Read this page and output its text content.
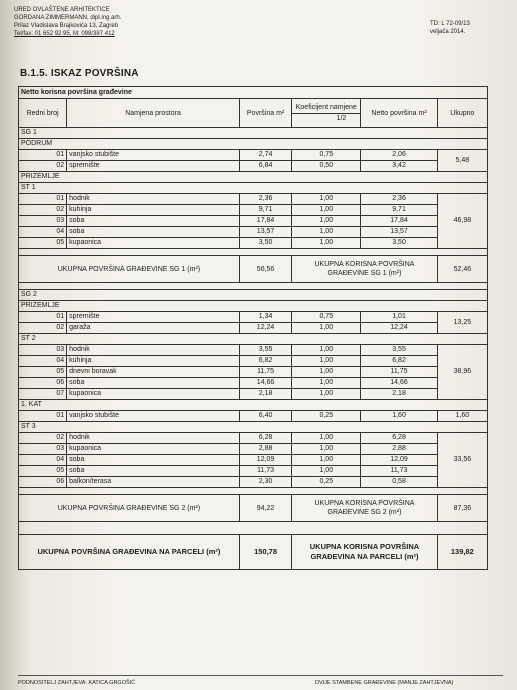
URED OVLAŠTENE ARHITEKTICE
GORDANA ZIMMERMANN, dipl.ing.arh.
Prilaz Vladislava Brajkovića 13, Zagreb
Tel/fax: 01 652 92 95, M: 098/387 412
TD: L 72-09/13
veljača 2014.
B.1.5. ISKAZ POVRŠINA
Netto korisna površina građevine					
Redni broj	Namjena prostora	Površina m²	Koeficijent namjene
1/2	Netto površina m²	Ukupno
SG 1					
PODRUM					
01	vanjsko stubište	2,74	0,75	2,06	5,48
02	spremište	6,84	0,50	3,42	
PRIZEMLJE					
ST 1					
01	hodnik	2,36	1,00	2,36	46,98
02	kuhinja	9,71	1,00	9,71	
03	soba	17,84	1,00	17,84	
04	soba	13,57	1,00	13,57	
05	kupaonica	3,50	1,00	3,50	

UKUPNA POVRŠINA GRAĐEVINE SG 1 (m²)		56,56	UKUPNA KORISNA POVRŠINA GRAĐEVINE SG 1 (m²)		52,46

SG 2					
PRIZEMLJE					
01	spremište	1,34	0,75	1,01	13,25
02	garaža	12,24	1,00	12,24	
ST 2					
03	hodnik	3,55	1,00	3,55	38,96
04	kuhinja	6,82	1,00	6,82	
05	dnevni boravak	11,75	1,00	11,75	
06	soba	14,66	1,00	14,66	
07	kupaonica	2,18	1,00	2,18	
1. KAT					
01	vanjsko stubište	6,40	0,25	1,60	1,60
ST 3					
02	hodnik	6,28	1,00	6,28	33,56
03	kupaonica	2,88	1,00	2,88	
04	soba	12,09	1,00	12,09	
05	soba	11,73	1,00	11,73	
06	balkon/terasa	2,30	0,25	0,58	

UKUPNA POVRŠINA GRAĐEVINE SG 2 (m²)		94,22	UKUPNA KORISNA POVRŠINA GRAĐEVINE SG 2 (m²)		87,36

UKUPNA POVRŠINA GRAĐEVINA NA PARCELI (m²)		150,78	UKUPNA KORISNA POVRŠINA GRAĐEVINA NA PARCELI (m²)		139,82
PODNOSITELJ ZAHTJEVA: KATICA GRGOŠIĆ	DVIJE STAMBENE GRAĐEVINE (MANJE ZAHTJEVNA)
